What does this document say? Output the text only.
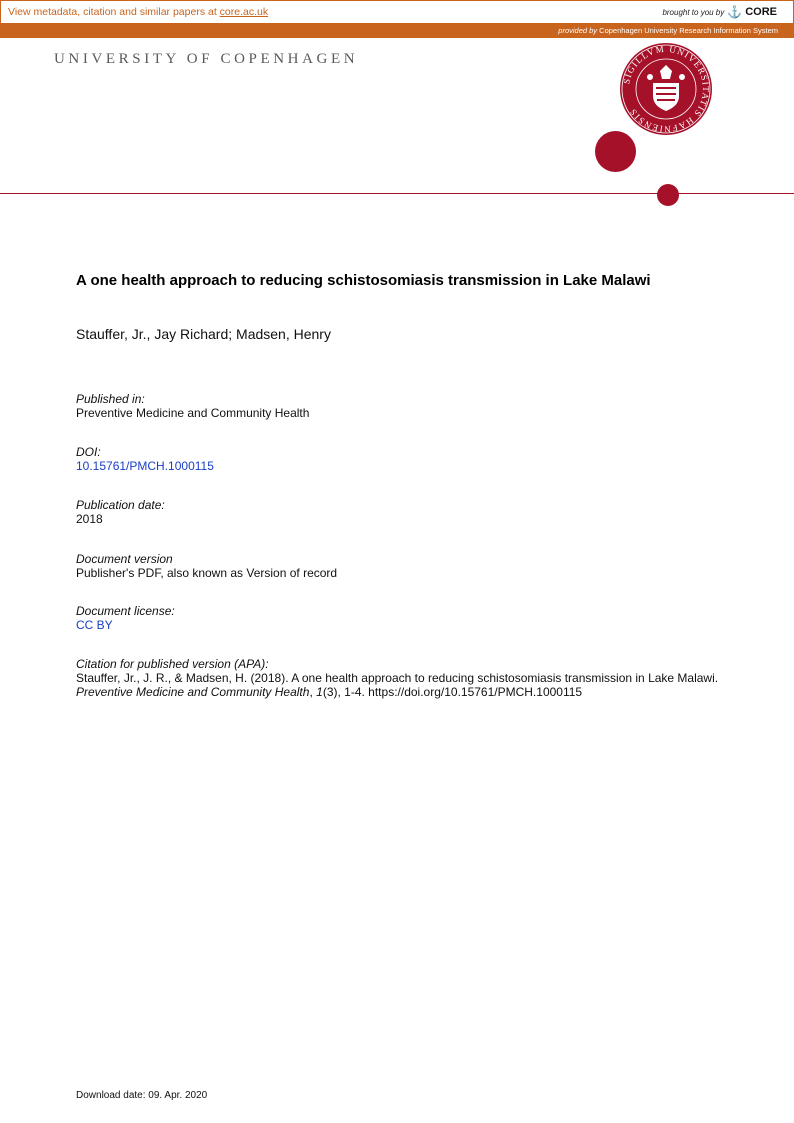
View metadata, citation and similar papers at core.ac.uk	brought to you by ⚓ CORE
provided by Copenhagen University Research Information System
UNIVERSITY OF COPENHAGEN
SIGILLVM UNIVERSITATIS HAFNIENSIS
A one health approach to reducing schistosomiasis transmission in Lake Malawi
Stauffer, Jr., Jay Richard; Madsen, Henry
Published in:
Preventive Medicine and Community Health
DOI:
10.15761/PMCH.1000115
Publication date:
2018
Document version
Publisher's PDF, also known as Version of record
Document license:
CC BY
Citation for published version (APA):
Stauffer, Jr., J. R., & Madsen, H. (2018). A one health approach to reducing schistosomiasis transmission in Lake Malawi. Preventive Medicine and Community Health, 1(3), 1-4. https://doi.org/10.15761/PMCH.1000115
Download date: 09. Apr. 2020
